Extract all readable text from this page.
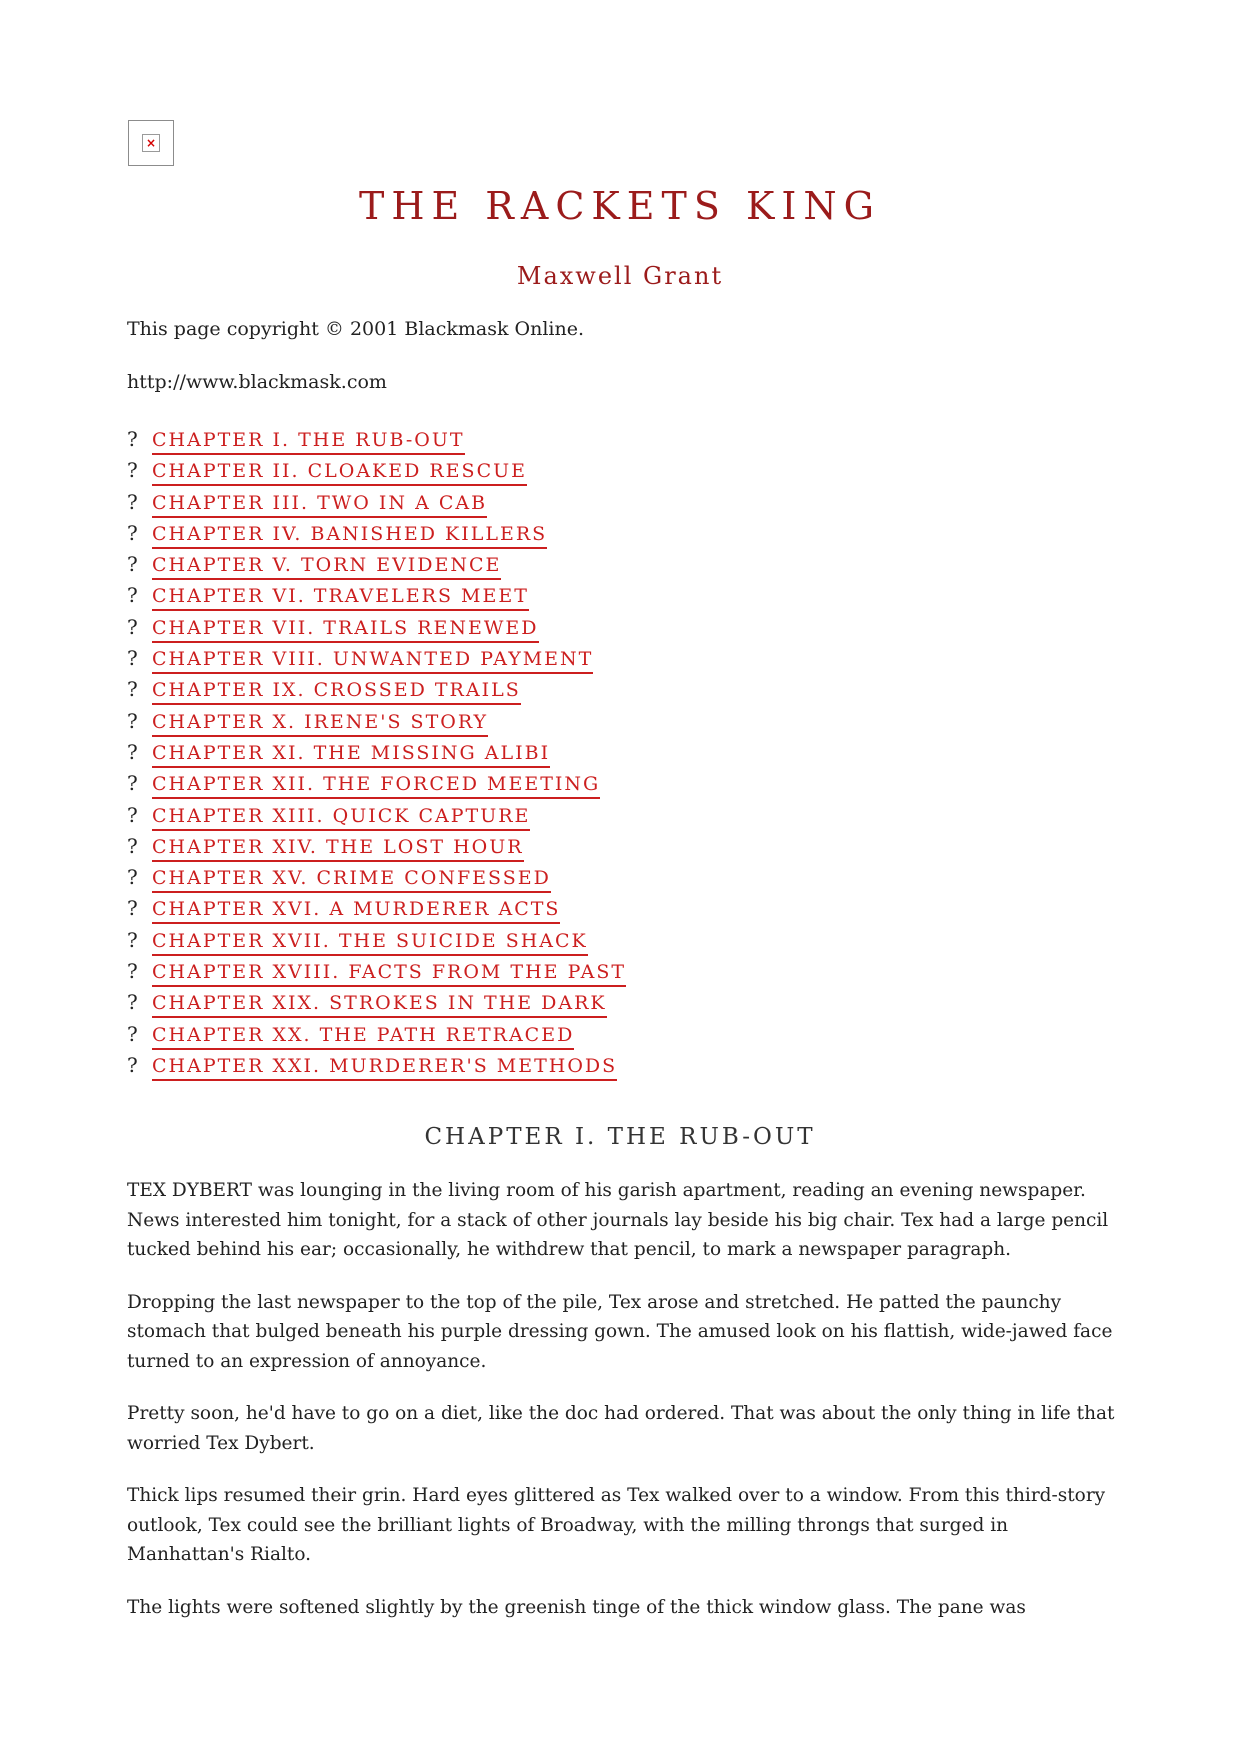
×
THE RACKETS KING
Maxwell Grant
This page copyright © 2001 Blackmask Online.
http://www.blackmask.com
? CHAPTER I. THE RUB-OUT
? CHAPTER II. CLOAKED RESCUE
? CHAPTER III. TWO IN A CAB
? CHAPTER IV. BANISHED KILLERS
? CHAPTER V. TORN EVIDENCE
? CHAPTER VI. TRAVELERS MEET
? CHAPTER VII. TRAILS RENEWED
? CHAPTER VIII. UNWANTED PAYMENT
? CHAPTER IX. CROSSED TRAILS
? CHAPTER X. IRENE'S STORY
? CHAPTER XI. THE MISSING ALIBI
? CHAPTER XII. THE FORCED MEETING
? CHAPTER XIII. QUICK CAPTURE
? CHAPTER XIV. THE LOST HOUR
? CHAPTER XV. CRIME CONFESSED
? CHAPTER XVI. A MURDERER ACTS
? CHAPTER XVII. THE SUICIDE SHACK
? CHAPTER XVIII. FACTS FROM THE PAST
? CHAPTER XIX. STROKES IN THE DARK
? CHAPTER XX. THE PATH RETRACED
? CHAPTER XXI. MURDERER'S METHODS
CHAPTER I. THE RUB-OUT

TEX DYBERT was lounging in the living room of his garish apartment, reading an evening newspaper. News interested him tonight, for a stack of other journals lay beside his big chair. Tex had a large pencil tucked behind his ear; occasionally, he withdrew that pencil, to mark a newspaper paragraph.

Dropping the last newspaper to the top of the pile, Tex arose and stretched. He patted the paunchy stomach that bulged beneath his purple dressing gown. The amused look on his flattish, wide-jawed face turned to an expression of annoyance.

Pretty soon, he'd have to go on a diet, like the doc had ordered. That was about the only thing in life that worried Tex Dybert.

Thick lips resumed their grin. Hard eyes glittered as Tex walked over to a window. From this third-story outlook, Tex could see the brilliant lights of Broadway, with the milling throngs that surged in Manhattan's Rialto.

The lights were softened slightly by the greenish tinge of the thick window glass. The pane was
